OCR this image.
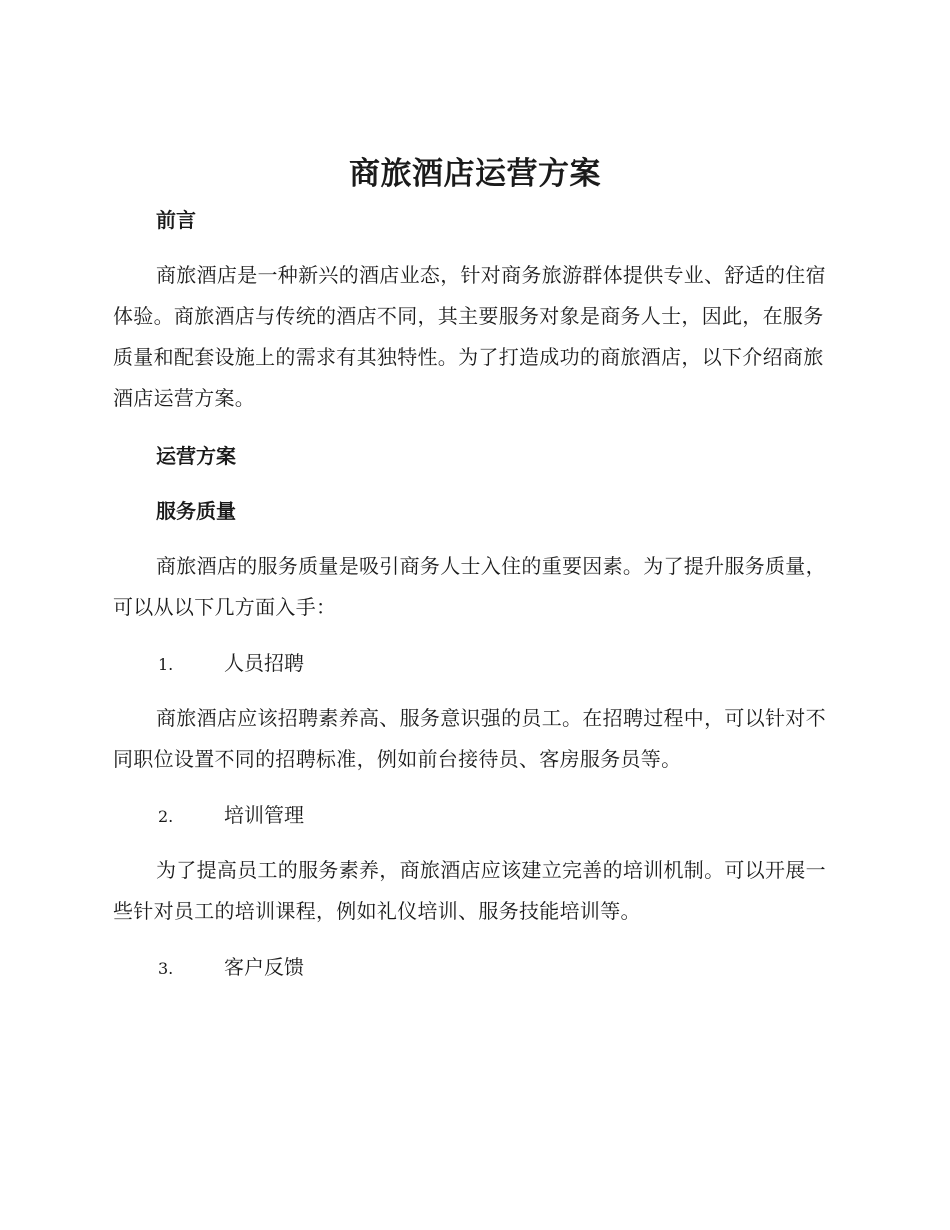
商旅酒店运营方案
前言
商旅酒店是一种新兴的酒店业态，针对商务旅游群体提供专业、舒适的住宿体验。商旅酒店与传统的酒店不同，其主要服务对象是商务人士，因此，在服务质量和配套设施上的需求有其独特性。为了打造成功的商旅酒店，以下介绍商旅酒店运营方案。
运营方案
服务质量
商旅酒店的服务质量是吸引商务人士入住的重要因素。为了提升服务质量，可以从以下几方面入手：
1.	人员招聘
商旅酒店应该招聘素养高、服务意识强的员工。在招聘过程中，可以针对不同职位设置不同的招聘标准，例如前台接待员、客房服务员等。
2.	培训管理
为了提高员工的服务素养，商旅酒店应该建立完善的培训机制。可以开展一些针对员工的培训课程，例如礼仪培训、服务技能培训等。
3.	客户反馈
